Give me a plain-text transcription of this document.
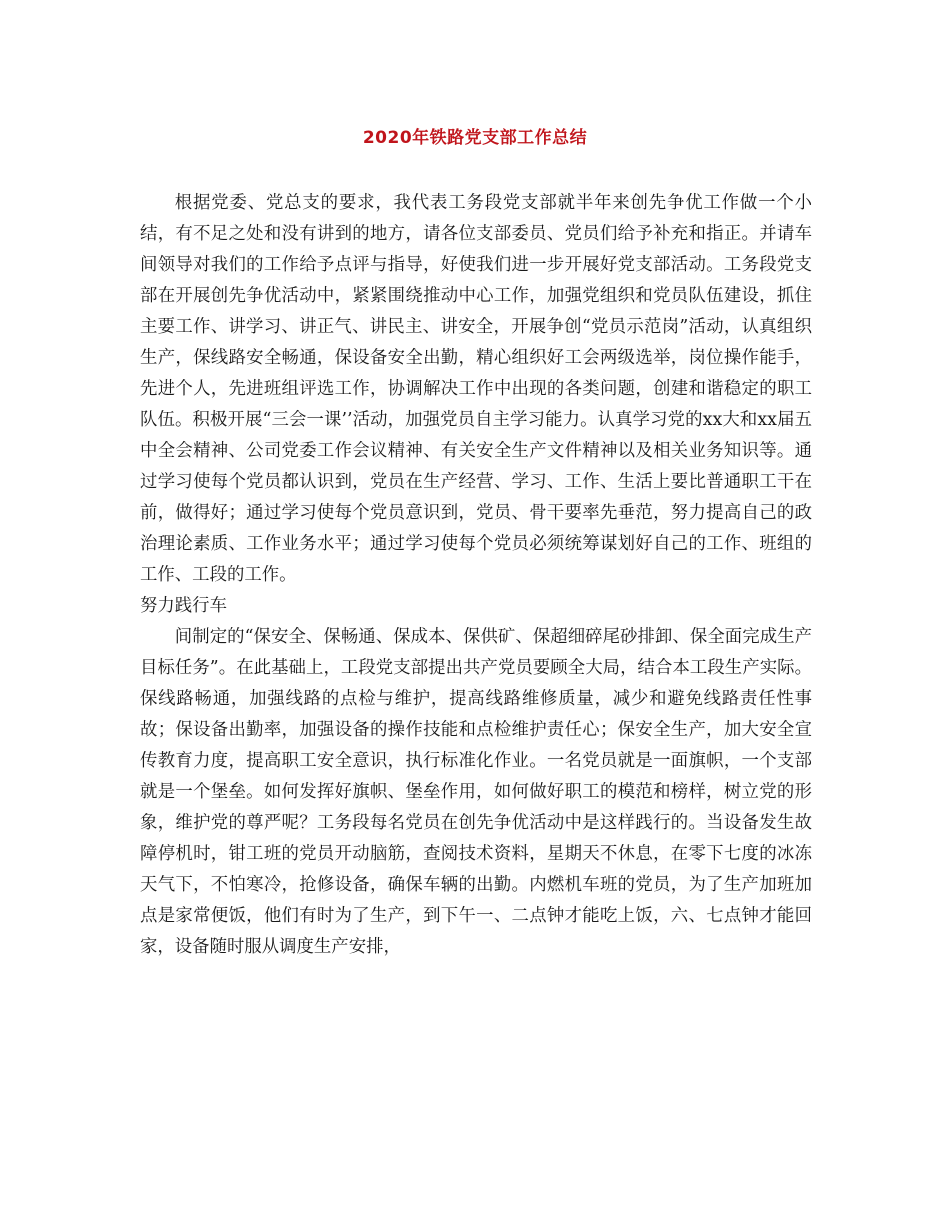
2020年铁路党支部工作总结

根据党委、党总支的要求，我代表工务段党支部就半年来创先争优工作做一个小结，有不足之处和没有讲到的地方，请各位支部委员、党员们给予补充和指正。并请车间领导对我们的工作给予点评与指导，好使我们进一步开展好党支部活动。工务段党支部在开展创先争优活动中，紧紧围绕推动中心工作，加强党组织和党员队伍建设，抓住主要工作、讲学习、讲正气、讲民主、讲安全，开展争创“党员示范岗”活动，认真组织生产，保线路安全畅通，保设备安全出勤，精心组织好工会两级选举，岗位操作能手，先进个人，先进班组评选工作，协调解决工作中出现的各类问题，创建和谐稳定的职工队伍。积极开展“三会一课’’活动，加强党员自主学习能力。认真学习党的xx大和xx届五中全会精神、公司党委工作会议精神、有关安全生产文件精神以及相关业务知识等。通过学习使每个党员都认识到，党员在生产经营、学习、工作、生活上要比普通职工干在前，做得好；通过学习使每个党员意识到，党员、骨干要率先垂范，努力提高自己的政治理论素质、工作业务水平；通过学习使每个党员必须统筹谋划好自己的工作、班组的工作、工段的工作。

努力践行车

间制定的“保安全、保畅通、保成本、保供矿、保超细碎尾砂排卸、保全面完成生产目标任务”。在此基础上，工段党支部提出共产党员要顾全大局，结合本工段生产实际。保线路畅通，加强线路的点检与维护，提高线路维修质量，减少和避免线路责任性事故；保设备出勤率，加强设备的操作技能和点检维护责任心；保安全生产，加大安全宣传教育力度，提高职工安全意识，执行标准化作业。一名党员就是一面旗帜，一个支部就是一个堡垒。如何发挥好旗帜、堡垒作用，如何做好职工的模范和榜样，树立党的形象，维护党的尊严呢？工务段每名党员在创先争优活动中是这样践行的。当设备发生故障停机时，钳工班的党员开动脑筋，查阅技术资料，星期天不休息，在零下七度的冰冻天气下，不怕寒冷，抢修设备，确保车辆的出勤。内燃机车班的党员，为了生产加班加点是家常便饭，他们有时为了生产，到下午一、二点钟才能吃上饭，六、七点钟才能回家，设备随时服从调度生产安排，
